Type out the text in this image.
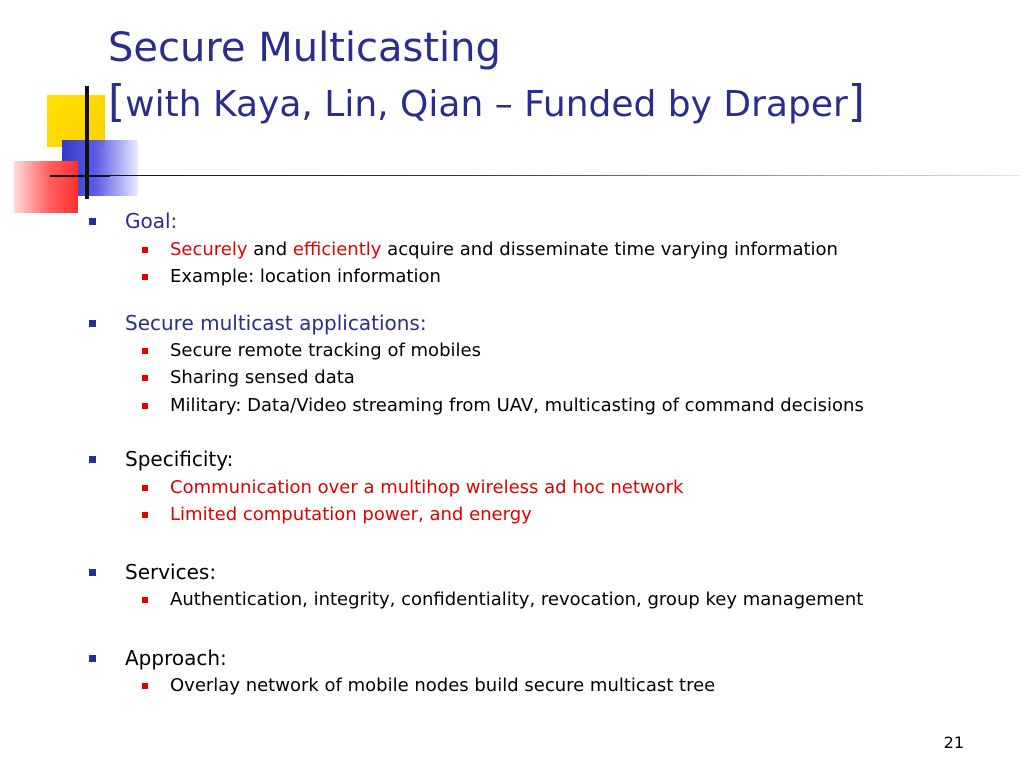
Secure Multicasting
[with Kaya, Lin, Qian – Funded by Draper]
Goal:
Securely and efficiently acquire and disseminate time varying information
Example: location information
Secure multicast applications:
Secure remote tracking of mobiles
Sharing sensed data
Military: Data/Video streaming from UAV, multicasting of command decisions
Specificity:
Communication over a multihop wireless ad hoc network
Limited computation power, and energy
Services:
Authentication, integrity, confidentiality, revocation, group key management
Approach:
Overlay network of mobile nodes build secure multicast tree
21
